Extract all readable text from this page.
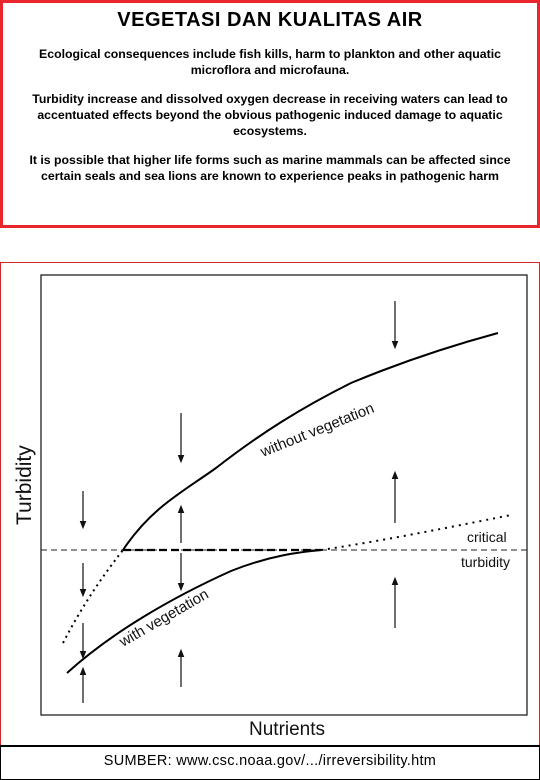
VEGETASI DAN KUALITAS AIR

Ecological consequences include fish kills, harm to plankton and other aquatic microflora and microfauna.

Turbidity increase and dissolved oxygen decrease in receiving waters can lead to accentuated effects beyond the obvious pathogenic induced damage to aquatic ecosystems.

It is possible that higher life forms such as marine mammals can be affected since certain seals and sea lions are known to experience peaks in pathogenic harm

without vegetation
with vegetation
critical
turbidity
Turbidity
Nutrients
SUMBER: www.csc.noaa.gov/.../irreversibility.htm
